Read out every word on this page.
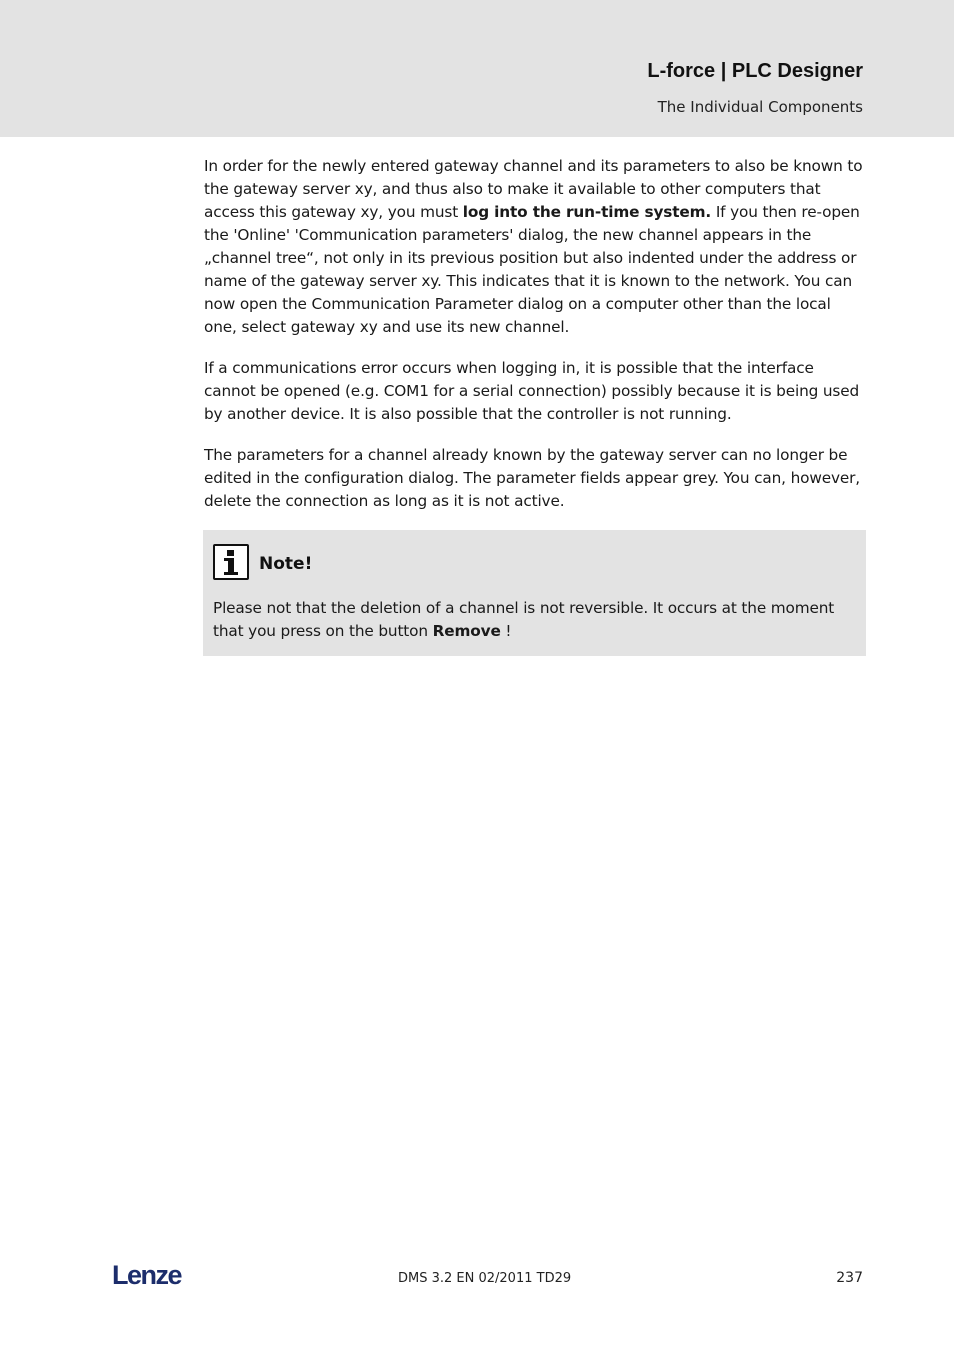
L-force | PLC Designer
The Individual Components

In order for the newly entered gateway channel and its parameters to also be known to the gateway server xy, and thus also to make it available to other computers that access this gateway xy, you must log into the run-time system. If you then re-open the 'Online' 'Communication parameters' dialog, the new channel appears in the „channel tree“, not only in its previous position but also indented under the address or name of the gateway server xy. This indicates that it is known to the network. You can now open the Communication Parameter dialog on a computer other than the local one, select gateway xy and use its new channel.

If a communications error occurs when logging in, it is possible that the interface cannot be opened (e.g. COM1 for a serial connection) possibly because it is being used by another device. It is also possible that the controller is not running.

The parameters for a channel already known by the gateway server can no longer be edited in the configuration dialog. The parameter fields appear grey. You can, however, delete the connection as long as it is not active.

Note!
Please not that the deletion of a channel is not reversible. It occurs at the moment that you press on the button Remove !
Lenze	DMS 3.2 EN 02/2011 TD29	237
